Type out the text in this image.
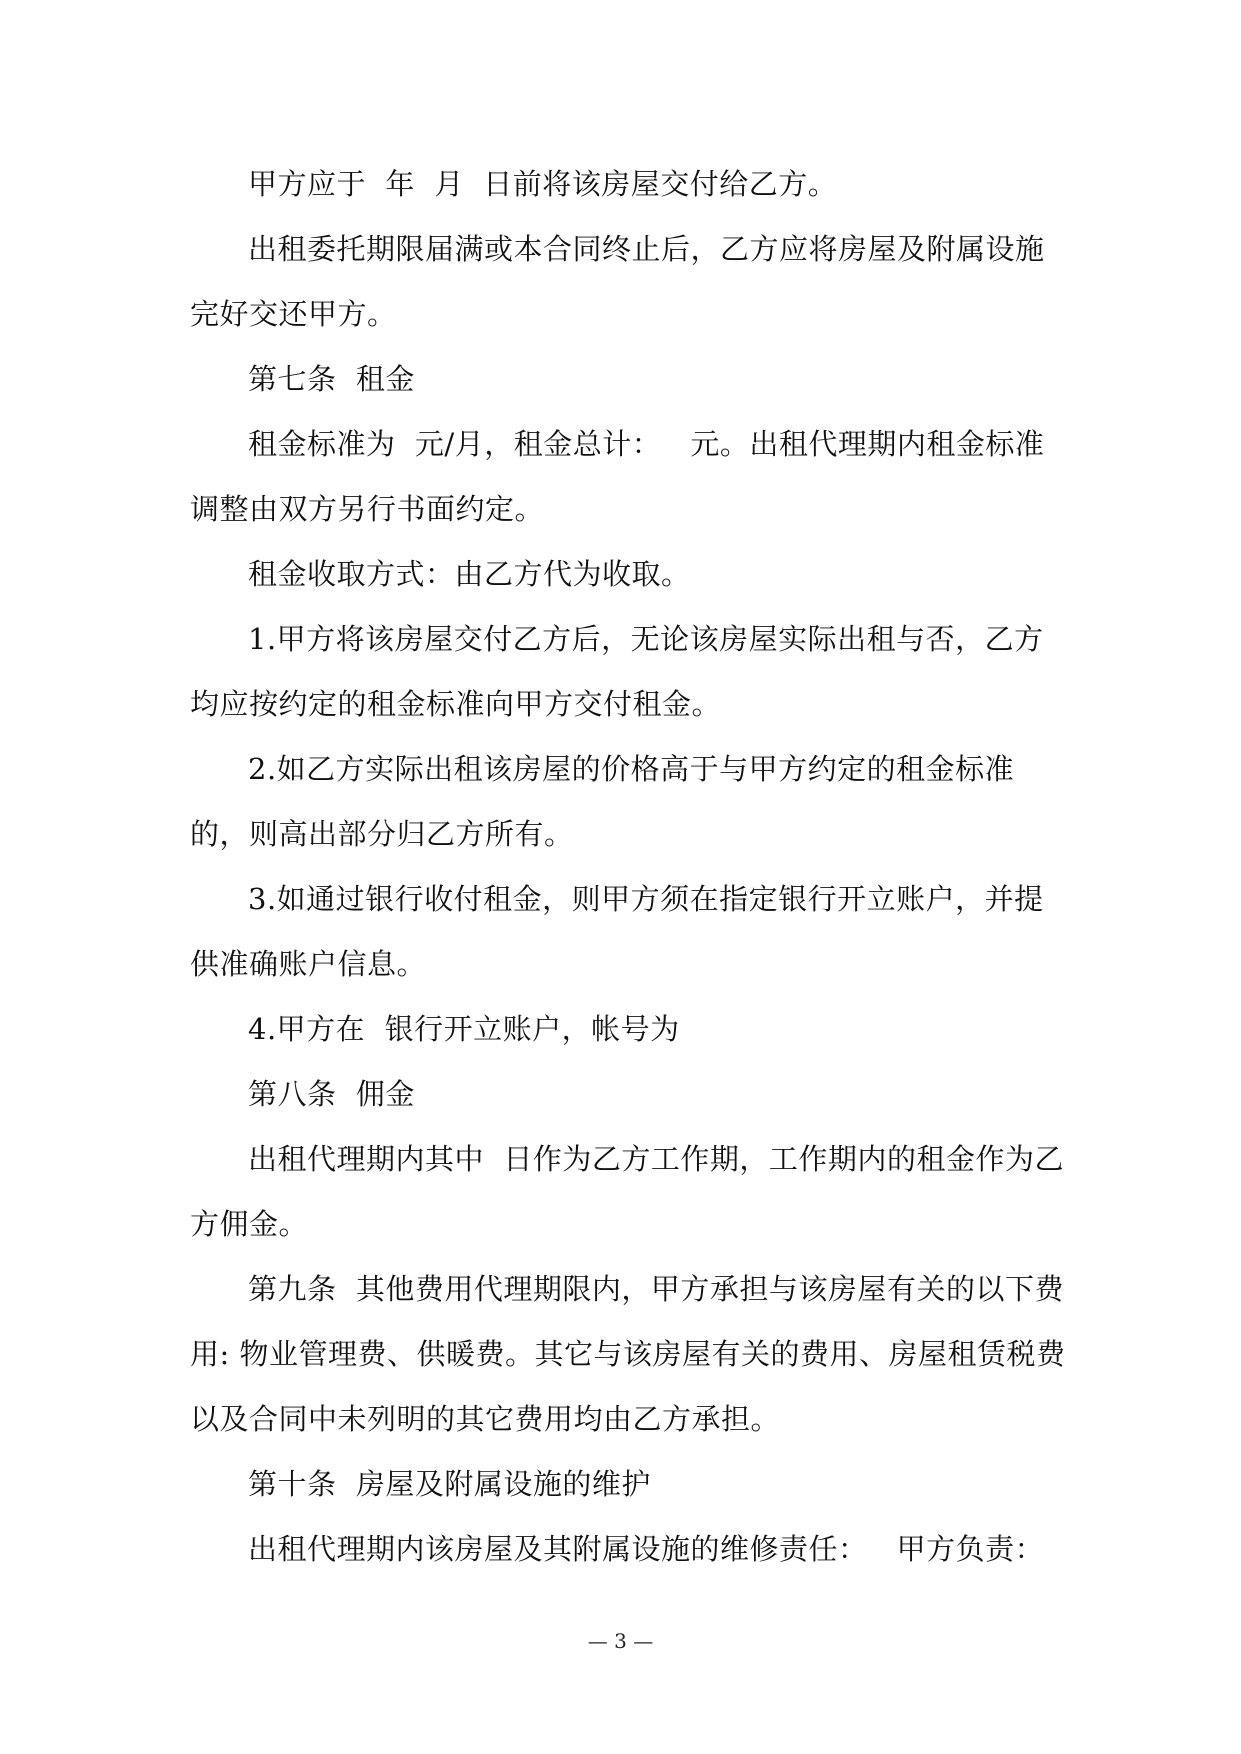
甲方应于  年  月  日前将该房屋交付给乙方。

出租委托期限届满或本合同终止后，乙方应将房屋及附属设施完好交还甲方。

第七条  租金

租金标准为  元/月，租金总计：   元。出租代理期内租金标准调整由双方另行书面约定。

租金收取方式：由乙方代为收取。

1.甲方将该房屋交付乙方后，无论该房屋实际出租与否，乙方均应按约定的租金标准向甲方交付租金。

2.如乙方实际出租该房屋的价格高于与甲方约定的租金标准的，则高出部分归乙方所有。

3.如通过银行收付租金，则甲方须在指定银行开立账户，并提供准确账户信息。

4.甲方在  银行开立账户，帐号为

第八条  佣金

出租代理期内其中  日作为乙方工作期，工作期内的租金作为乙方佣金。

第九条  其他费用代理期限内，甲方承担与该房屋有关的以下费用: 物业管理费、供暖费。其它与该房屋有关的费用、房屋租赁税费以及合同中未列明的其它费用均由乙方承担。

第十条  房屋及附属设施的维护

出租代理期内该房屋及其附属设施的维修责任：   甲方负责：

— 3 —
